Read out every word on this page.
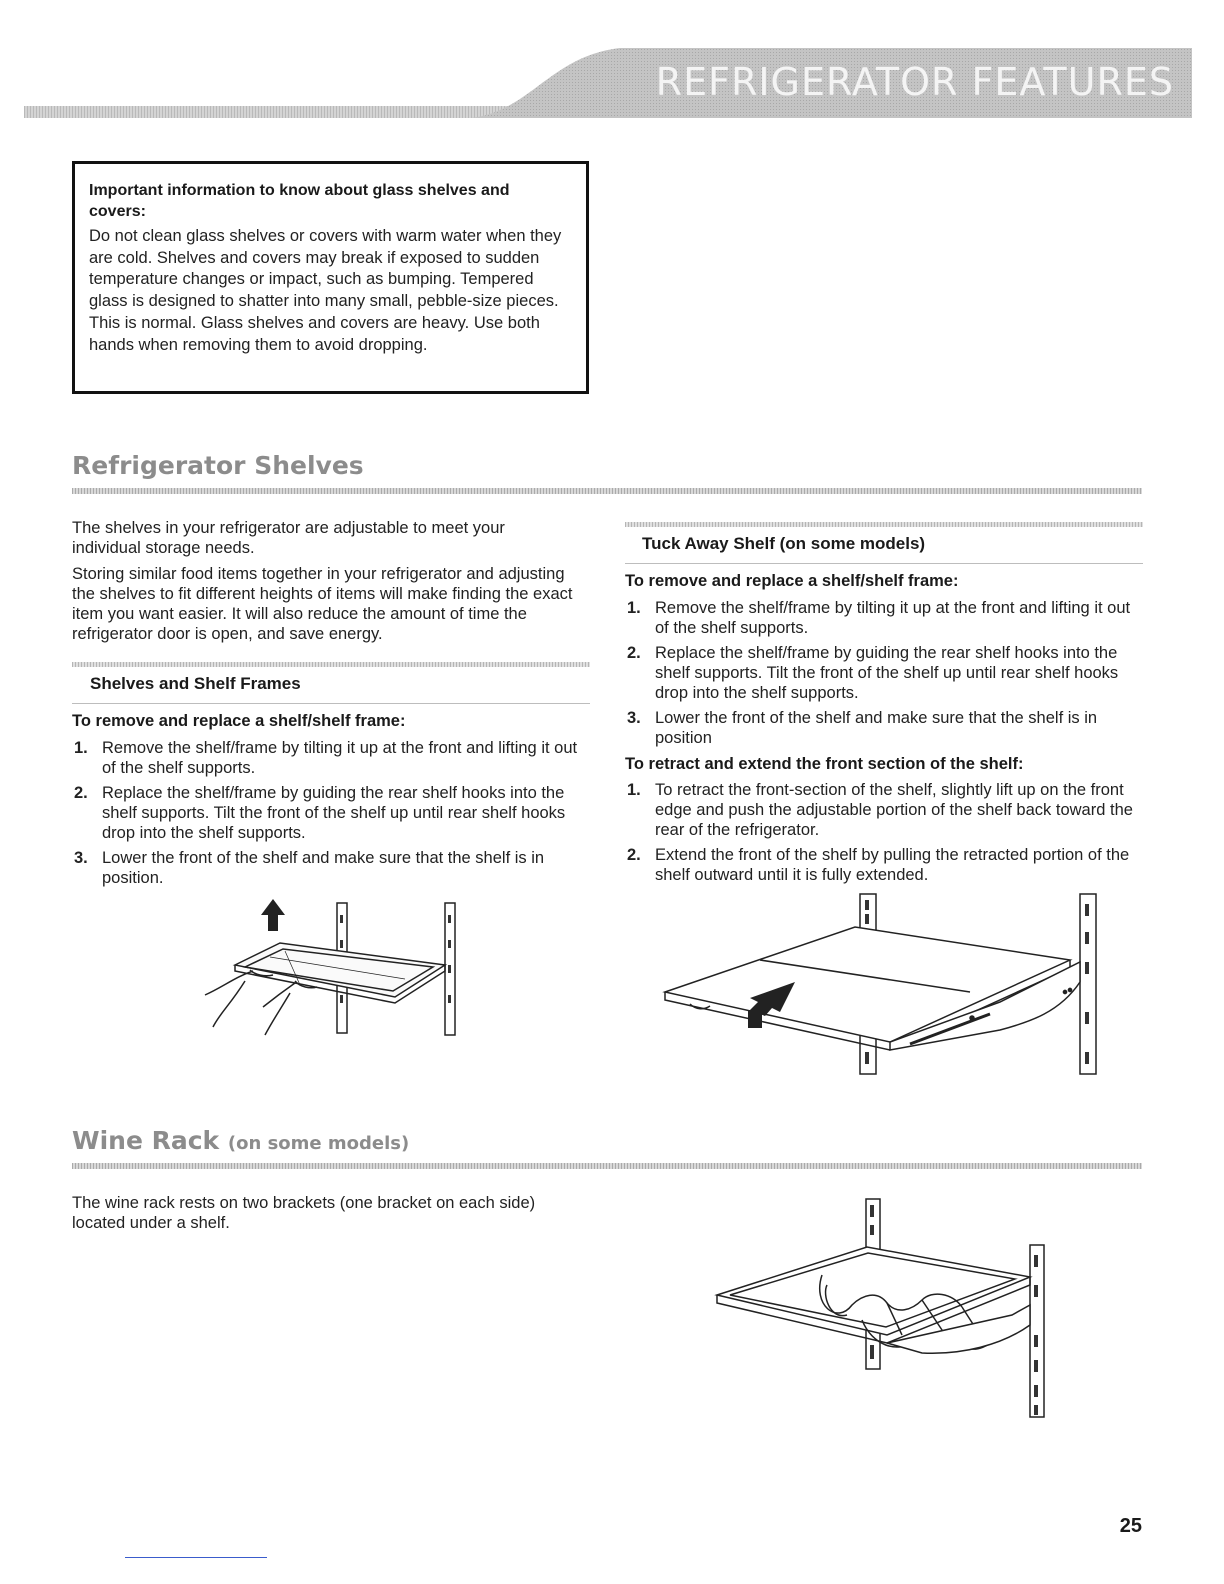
REFRIGERATOR FEATURES
Important information to know about glass shelves and covers:
Do not clean glass shelves or covers with warm water when they are cold. Shelves and covers may break if exposed to sudden temperature changes or impact, such as bumping. Tempered glass is designed to shatter into many small, pebble-size pieces. This is normal. Glass shelves and covers are heavy. Use both hands when removing them to avoid dropping.
Refrigerator Shelves
The shelves in your refrigerator are adjustable to meet your individual storage needs.
Storing similar food items together in your refrigerator and adjusting the shelves to fit different heights of items will make finding the exact item you want easier. It will also reduce the amount of time the refrigerator door is open, and save energy.
Shelves and Shelf Frames
To remove and replace a shelf/shelf frame:
1. Remove the shelf/frame by tilting it up at the front and lifting it out of the shelf supports.
2. Replace the shelf/frame by guiding the rear shelf hooks into the shelf supports. Tilt the front of the shelf up until rear shelf hooks drop into the shelf supports.
3. Lower the front of the shelf and make sure that the shelf is in position.
Tuck Away Shelf (on some models)
To remove and replace a shelf/shelf frame:
1. Remove the shelf/frame by tilting it up at the front and lifting it out of the shelf supports.
2. Replace the shelf/frame by guiding the rear shelf hooks into the shelf supports. Tilt the front of the shelf up until rear shelf hooks drop into the shelf supports.
3. Lower the front of the shelf and make sure that the shelf is in position
To retract and extend the front section of the shelf:
1. To retract the front-section of the shelf, slightly lift up on the front edge and push the adjustable portion of the shelf back toward the rear of the refrigerator.
2. Extend the front of the shelf by pulling the retracted portion of the shelf outward until it is fully extended.
Wine Rack (on some models)
The wine rack rests on two brackets (one bracket on each side) located under a shelf.
25
